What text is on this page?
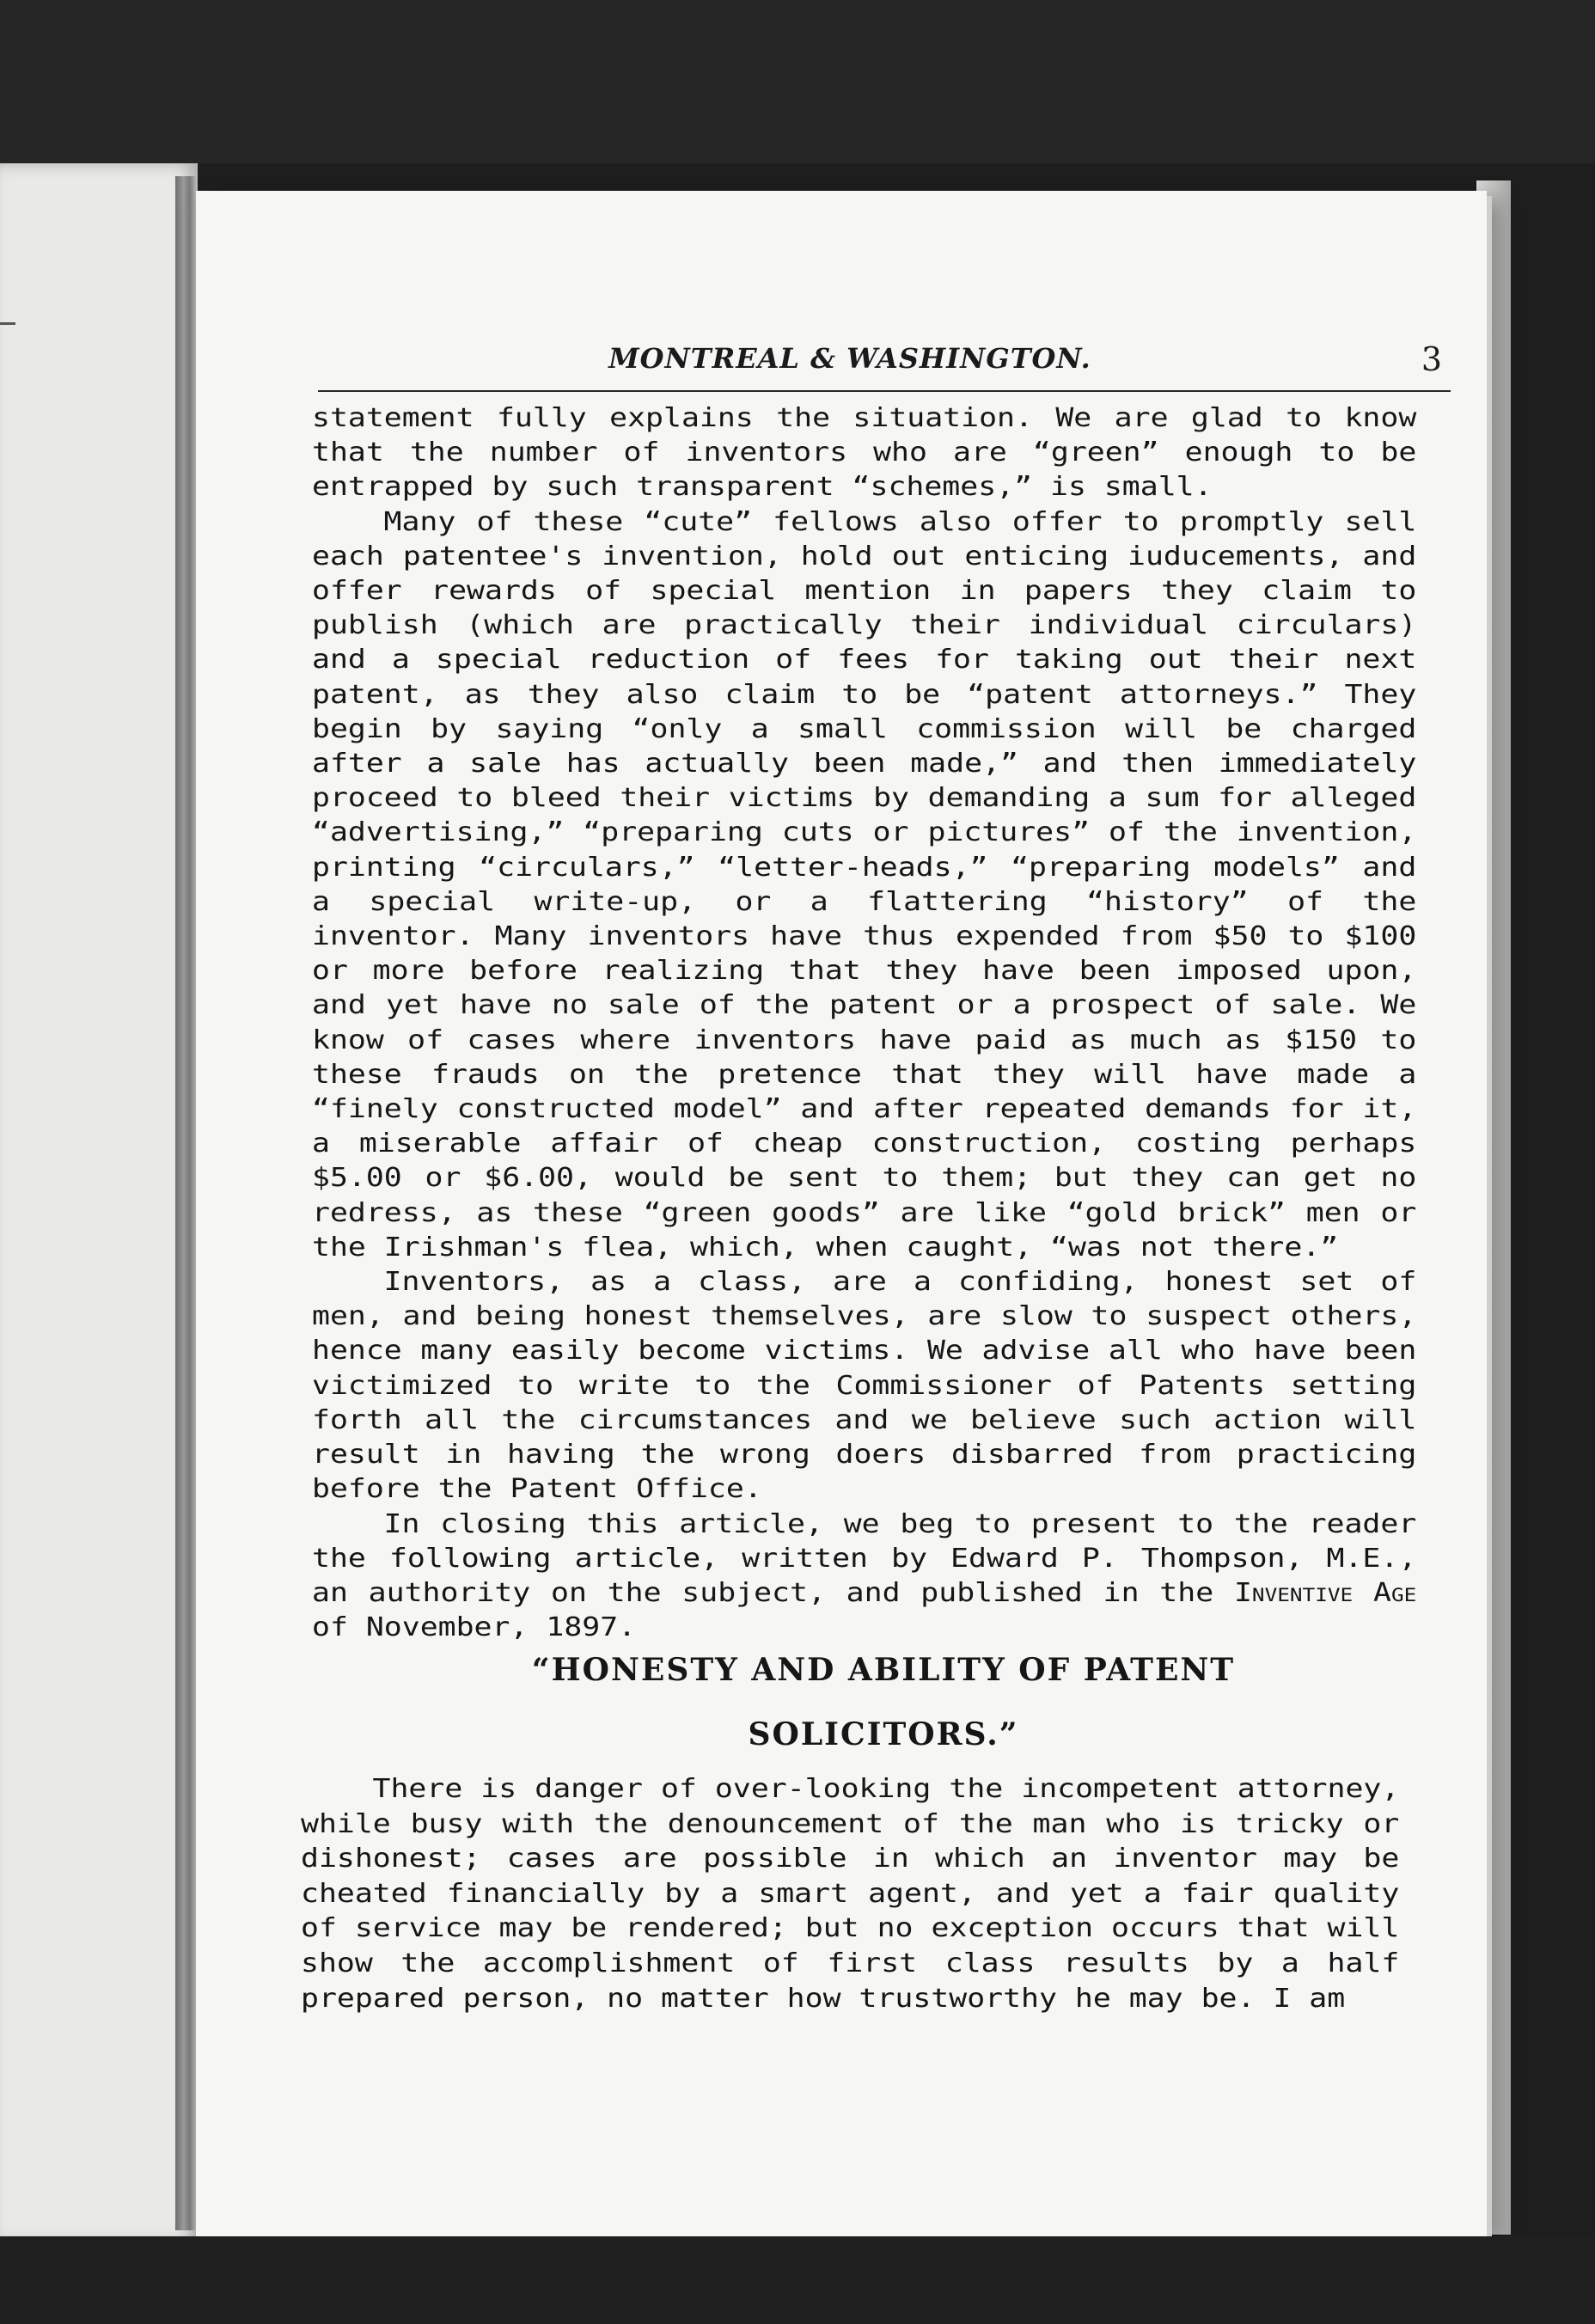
MONTREAL & WASHINGTON.	3

statement fully explains the situation. We are glad to know that the number of inventors who are “green” enough to be entrapped by such transparent “schemes,” is small.

Many of these “cute” fellows also offer to promptly sell each patentee's invention, hold out enticing iuducements, and offer rewards of special mention in papers they claim to publish (which are practically their individual circulars) and a special reduction of fees for taking out their next patent, as they also claim to be “patent attorneys.” They begin by saying “only a small commission will be charged after a sale has actually been made,” and then immediately proceed to bleed their victims by demanding a sum for alleged “advertising,” “preparing cuts or pictures” of the invention, printing “circulars,” “letter-heads,” “preparing models” and a special write-up, or a flattering “history” of the inventor. Many inventors have thus expended from $50 to $100 or more before realizing that they have been imposed upon, and yet have no sale of the patent or a prospect of sale. We know of cases where inventors have paid as much as $150 to these frauds on the pretence that they will have made a “finely constructed model” and after repeated demands for it, a miserable affair of cheap construction, costing perhaps $5.00 or $6.00, would be sent to them; but they can get no redress, as these “green goods” are like “gold brick” men or the Irishman's flea, which, when caught, “was not there.”

Inventors, as a class, are a confiding, honest set of men, and being honest themselves, are slow to suspect others, hence many easily become victims. We advise all who have been victimized to write to the Commissioner of Patents setting forth all the circumstances and we believe such action will result in having the wrong doers disbarred from practicing before the Patent Office.

In closing this article, we beg to present to the reader the following article, written by Edward P. Thompson, M.E., an authority on the subject, and published in the Inventive Age of November, 1897.

“HONESTY AND ABILITY OF PATENT
SOLICITORS.”

There is danger of over-looking the incompetent attorney, while busy with the denouncement of the man who is tricky or dishonest; cases are possible in which an inventor may be cheated financially by a smart agent, and yet a fair quality of service may be rendered; but no exception occurs that will show the accomplishment of first class results by a half prepared person, no matter how trustworthy he may be. I am
